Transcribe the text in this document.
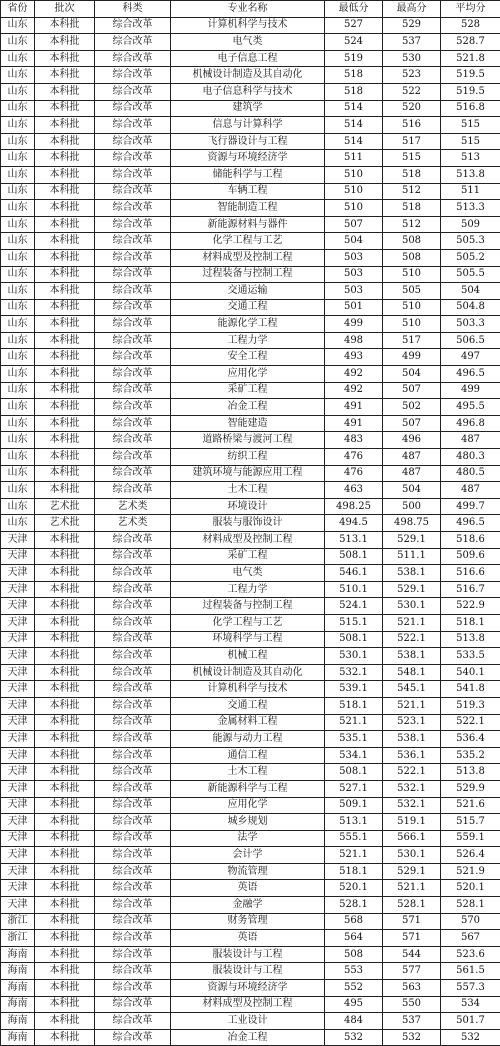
省份	批次	科类	专业名称	最低分	最高分	平均分
山东	本科批	综合改革	计算机科学与技术	527	529	528
山东	本科批	综合改革	电气类	524	537	528.7
山东	本科批	综合改革	电子信息工程	519	530	521.8
山东	本科批	综合改革	机械设计制造及其自动化	518	523	519.5
山东	本科批	综合改革	电子信息科学与技术	518	522	519.5
山东	本科批	综合改革	建筑学	514	520	516.8
山东	本科批	综合改革	信息与计算科学	514	516	515
山东	本科批	综合改革	飞行器设计与工程	514	517	515
山东	本科批	综合改革	资源与环境经济学	511	515	513
山东	本科批	综合改革	储能科学与工程	510	518	513.8
山东	本科批	综合改革	车辆工程	510	512	511
山东	本科批	综合改革	智能制造工程	510	518	513.3
山东	本科批	综合改革	新能源材料与器件	507	512	509
山东	本科批	综合改革	化学工程与工艺	504	508	505.3
山东	本科批	综合改革	材料成型及控制工程	503	508	505.2
山东	本科批	综合改革	过程装备与控制工程	503	510	505.5
山东	本科批	综合改革	交通运输	503	505	504
山东	本科批	综合改革	交通工程	501	510	504.8
山东	本科批	综合改革	能源化学工程	499	510	503.3
山东	本科批	综合改革	工程力学	498	517	506.5
山东	本科批	综合改革	安全工程	493	499	497
山东	本科批	综合改革	应用化学	492	504	496.5
山东	本科批	综合改革	采矿工程	492	507	499
山东	本科批	综合改革	冶金工程	491	502	495.5
山东	本科批	综合改革	智能建造	491	507	496.8
山东	本科批	综合改革	道路桥梁与渡河工程	483	496	487
山东	本科批	综合改革	纺织工程	476	487	480.3
山东	本科批	综合改革	建筑环境与能源应用工程	476	487	480.5
山东	本科批	综合改革	土木工程	463	504	487
山东	艺术批	艺术类	环境设计	498.25	500	499.7
山东	艺术批	艺术类	服装与服饰设计	494.5	498.75	496.5
天津	本科批	综合改革	材料成型及控制工程	513.1	529.1	518.6
天津	本科批	综合改革	采矿工程	508.1	511.1	509.6
天津	本科批	综合改革	电气类	546.1	538.1	516.6
天津	本科批	综合改革	工程力学	510.1	529.1	516.7
天津	本科批	综合改革	过程装备与控制工程	524.1	530.1	522.9
天津	本科批	综合改革	化学工程与工艺	515.1	521.1	518.1
天津	本科批	综合改革	环境科学与工程	508.1	522.1	513.8
天津	本科批	综合改革	机械工程	530.1	538.1	533.5
天津	本科批	综合改革	机械设计制造及其自动化	532.1	548.1	540.1
天津	本科批	综合改革	计算机科学与技术	539.1	545.1	541.8
天津	本科批	综合改革	交通工程	518.1	521.1	519.3
天津	本科批	综合改革	金属材料工程	521.1	523.1	522.1
天津	本科批	综合改革	能源与动力工程	535.1	538.1	536.4
天津	本科批	综合改革	通信工程	534.1	536.1	535.2
天津	本科批	综合改革	土木工程	508.1	522.1	513.8
天津	本科批	综合改革	新能源科学与工程	527.1	532.1	529.9
天津	本科批	综合改革	应用化学	509.1	532.1	521.6
天津	本科批	综合改革	城乡规划	513.1	519.1	515.7
天津	本科批	综合改革	法学	555.1	566.1	559.1
天津	本科批	综合改革	会计学	521.1	530.1	526.4
天津	本科批	综合改革	物流管理	518.1	529.1	521.9
天津	本科批	综合改革	英语	520.1	521.1	520.1
天津	本科批	综合改革	金融学	528.1	528.1	528.1
浙江	本科批	综合改革	财务管理	568	571	570
浙江	本科批	综合改革	英语	564	571	567
海南	本科批	综合改革	服装设计与工程	508	544	523.6
海南	本科批	综合改革	服装设计与工程	553	577	561.5
海南	本科批	综合改革	资源与环境经济学	552	563	557.3
海南	本科批	综合改革	材料成型及控制工程	495	550	534
海南	本科批	综合改革	工业设计	484	537	501.7
海南	本科批	综合改革	冶金工程	532	532	532
